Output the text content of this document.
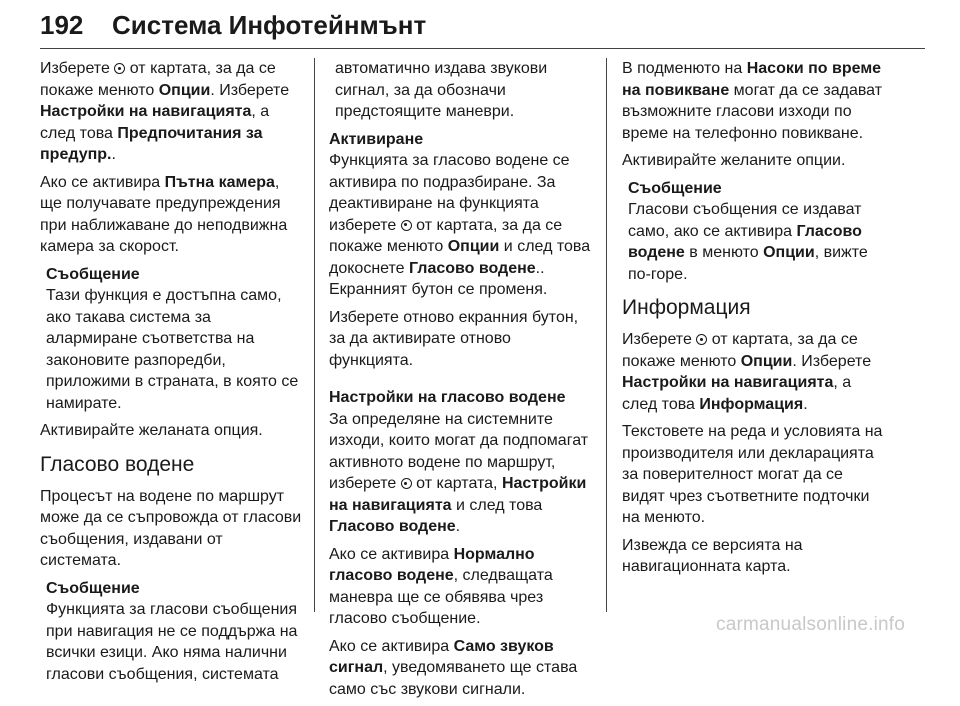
192 Система Инфотейнмънт

Изберете  от картата, за да се покаже менюто Опции. Изберете Настройки на навигацията, а след това Предпочитания за предупр..

Ако се активира Пътна камера, ще получавате предупреждения при наближаване до неподвижна камера за скорост.

Съобщение
Тази функция е достъпна само, ако такава система за алармиране съответства на законовите разпоредби, приложими в страната, в която се намирате.

Активирайте желаната опция.

Гласово водене

Процесът на водене по маршрут може да се съпровожда от гласови съобщения, издавани от системата.

Съобщение
Функцията за гласови съобщения при навигация не се поддържа на всички езици. Ако няма налични гласови съобщения, системата
автоматично издава звукови сигнал, за да обозначи предстоящите маневри.
Активиране

Функцията за гласово водене се активира по подразбиране. За деактивиране на функцията изберете  от картата, за да се покаже менюто Опции и след това докоснете Гласово водене.. Екранният бутон се променя.

Изберете отново екранния бутон, за да активирате отново функцията.

Настройки на гласово водене

За определяне на системните изходи, които могат да подпомагат активното водене по маршрут, изберете  от картата, Настройки на навигацията и след това Гласово водене.

Ако се активира Нормално гласово водене, следващата маневра ще се обявява чрез гласово съобщение.

Ако се активира Само звуков сигнал, уведомяването ще става само със звукови сигнали.

В подменюто на Насоки по време на повикване могат да се задават възможните гласови изходи по време на телефонно повикване.

Активирайте желаните опции.

Съобщение
Гласови съобщения се издават само, ако се активира Гласово водене в менюто Опции, вижте по-горе.
Информация

Изберете  от картата, за да се покаже менюто Опции. Изберете Настройки на навигацията, а след това Информация.

Текстовете на реда и условията на производителя или декларацията за поверителност могат да се видят чрез съответните подточки на менюто.

Извежда се версията на навигационната карта.

carmanualsonline.info
